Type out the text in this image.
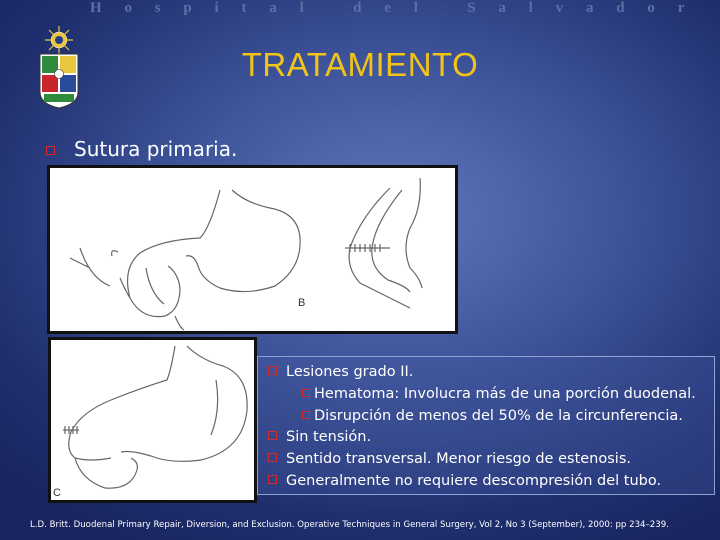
Hospital del Salvador
TRATAMIENTO
Sutura primaria.
B
C
Lesiones grado II.
Hematoma: Involucra más de una porción duodenal.
Disrupción de menos del 50% de la circunferencia.
Sin tensión.
Sentido transversal. Menor riesgo de estenosis.
Generalmente no requiere descompresión del tubo.
L.D. Britt. Duodenal Primary Repair, Diversion, and Exclusion. Operative Techniques in General Surgery, Vol 2, No 3 (September), 2000: pp 234–239.
